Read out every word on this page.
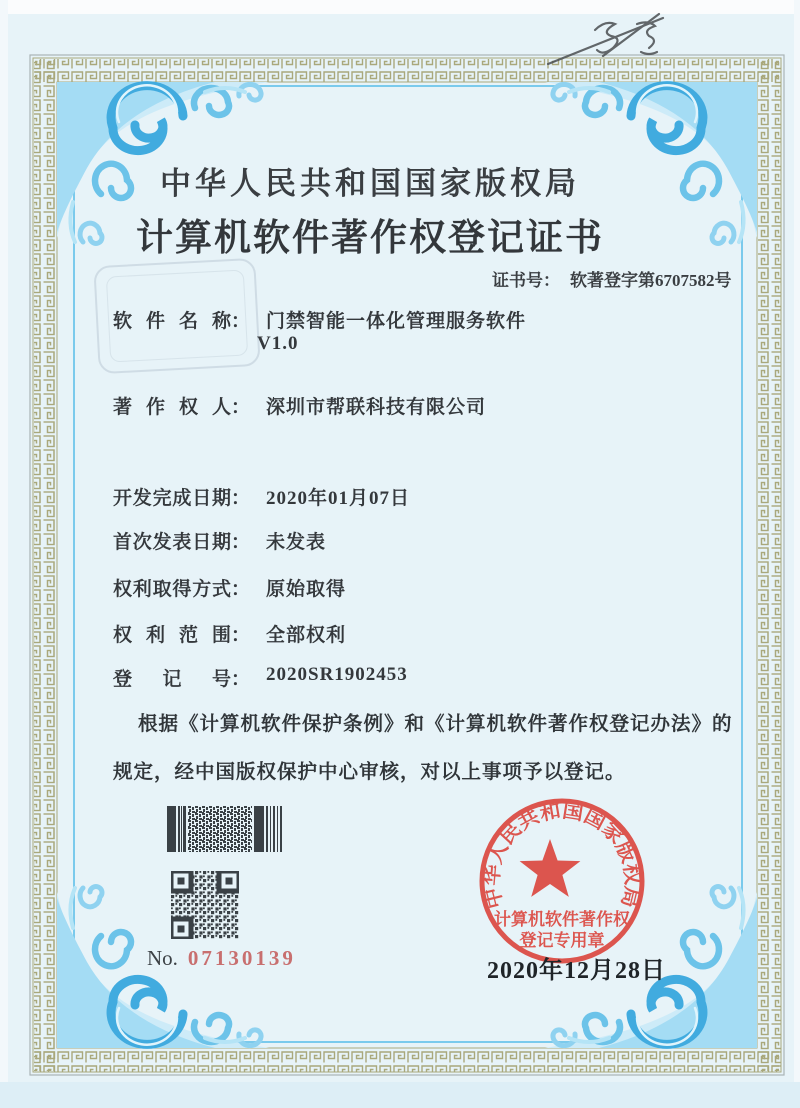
中华人民共和国国家版权局
计算机软件著作权登记证书
证书号： 软著登字第6707582号
软件名称 ： 门禁智能一体化管理服务软件
V1.0
著作权人 ： 深圳市帮联科技有限公司
开发完成日期 ： 2020年01月07日
首次发表日期 ： 未发表
权利取得方式 ： 原始取得
权利范围 ： 全部权利
登记号 ： 2020SR1902453
根据《计算机软件保护条例》和《计算机软件著作权登记办法》的
规定，经中国版权保护中心审核，对以上事项予以登记。
中华人民共和国国家版权局
计算机软件著作权
登记专用章
No. 07130139	2020年12月28日
